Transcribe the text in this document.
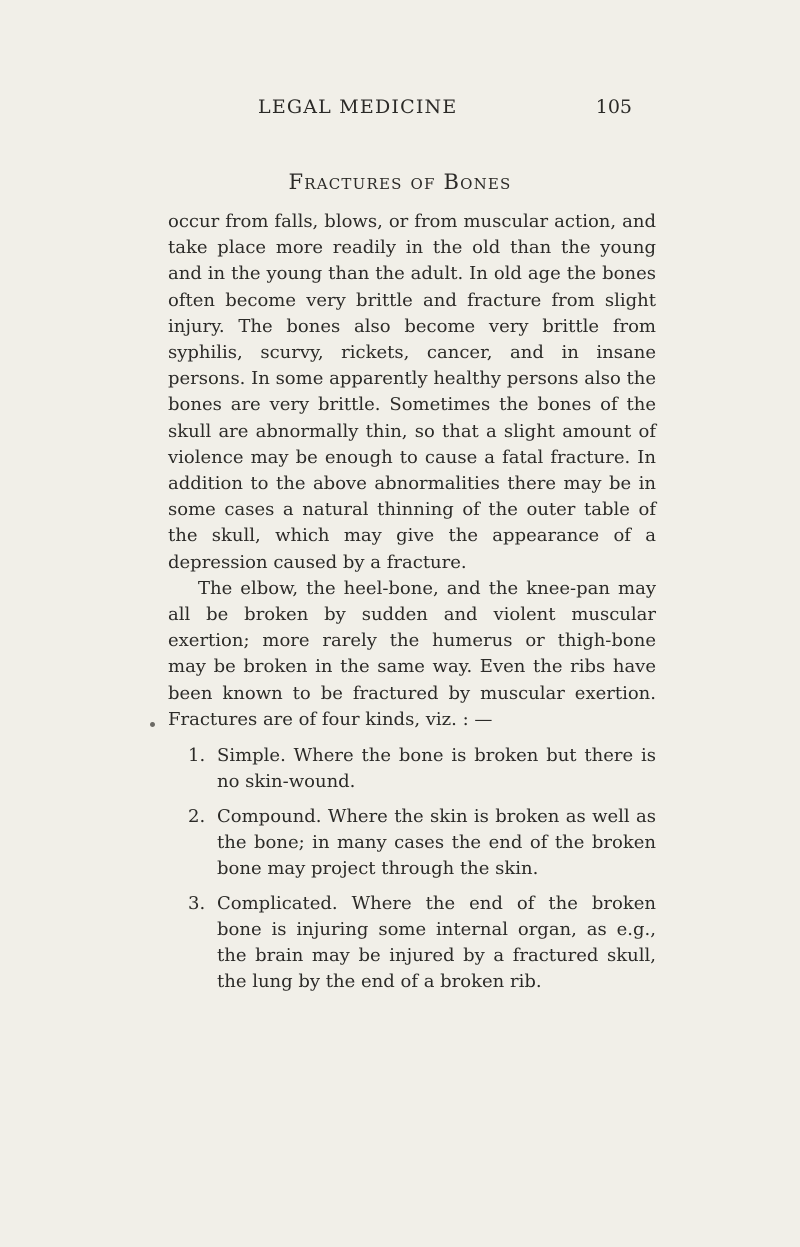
LEGAL MEDICINE	105
Fractures of Bones

occur from falls, blows, or from muscular action, and take place more readily in the old than the young and in the young than the adult. In old age the bones often become very brittle and fracture from slight injury. The bones also become very brittle from syphilis, scurvy, rickets, cancer, and in insane persons. In some apparently healthy persons also the bones are very brittle. Sometimes the bones of the skull are abnormally thin, so that a slight amount of violence may be enough to cause a fatal fracture. In addition to the above abnormalities there may be in some cases a natural thinning of the outer table of the skull, which may give the appearance of a depression caused by a fracture.

The elbow, the heel-bone, and the knee-pan may all be broken by sudden and violent muscular exertion; more rarely the humerus or thigh-bone may be broken in the same way. Even the ribs have been known to be fractured by muscular exertion. Fractures are of four kinds, viz. : —

1. Simple. Where the bone is broken but there is no skin-wound.
2. Compound. Where the skin is broken as well as the bone; in many cases the end of the broken bone may project through the skin.
3. Complicated. Where the end of the broken bone is injuring some internal organ, as e.g., the brain may be injured by a fractured skull, the lung by the end of a broken rib.
